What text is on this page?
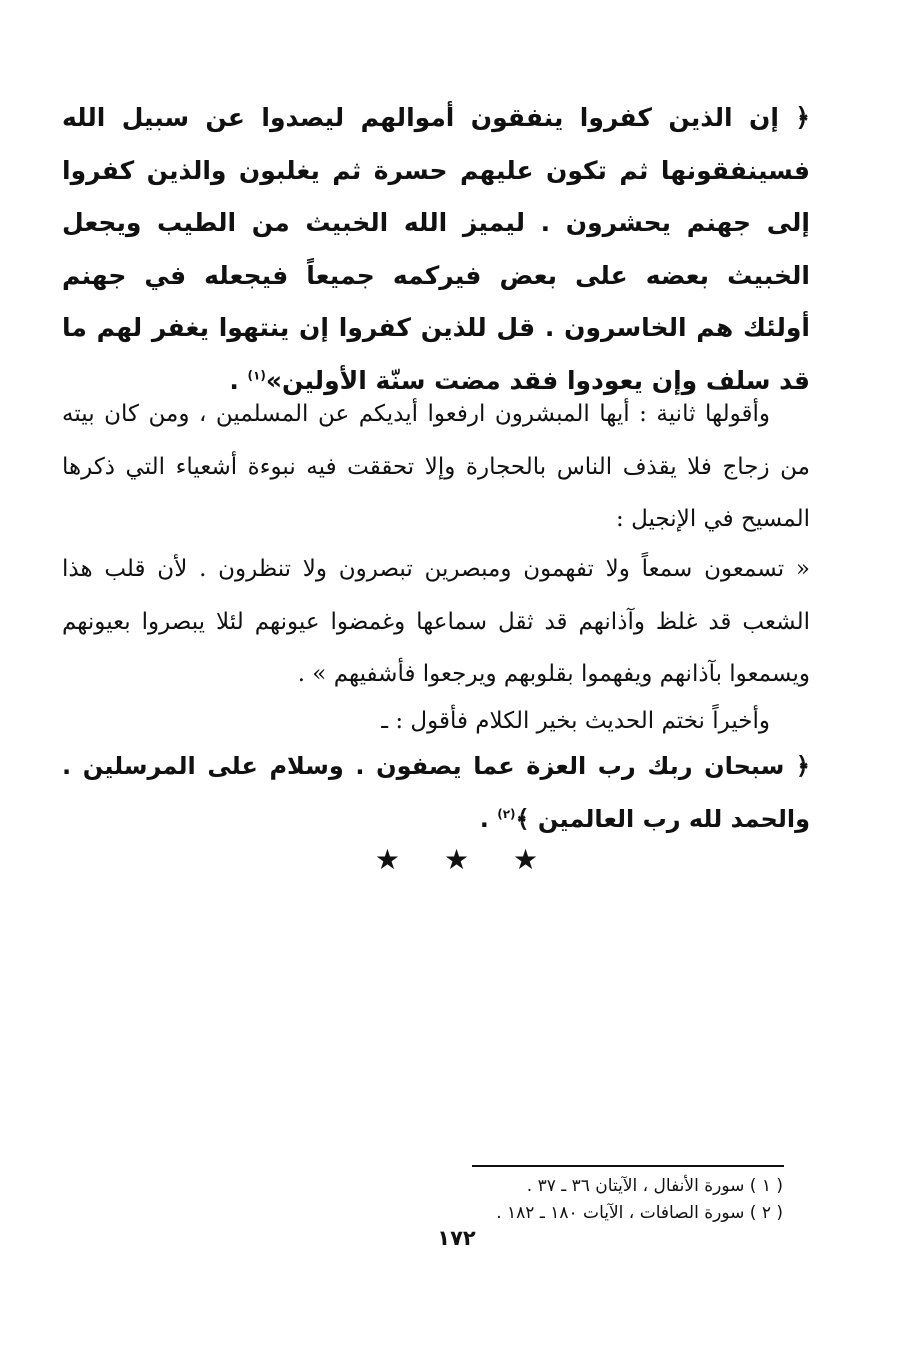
﴿ إن الذين كفروا ينفقون أموالهم ليصدوا عن سبيل الله فسينفقونها ثم تكون عليهم حسرة ثم يغلبون والذين كفروا إلى جهنم يحشرون . ليميز الله الخبيث من الطيب ويجعل الخبيث بعضه على بعض فيركمه جميعاً فيجعله في جهنم أولئك هم الخاسرون . قل للذين كفروا إن ينتهوا يغفر لهم ما قد سلف وإن يعودوا فقد مضت سنّة الأولين»$^{(١)}$ .
وأقولها ثانية : أيها المبشرون ارفعوا أيديكم عن المسلمين ، ومن كان بيته من زجاج فلا يقذف الناس بالحجارة وإلا تحققت فيه نبوءة أشعياء التي ذكرها المسيح في الإنجيل :
« تسمعون سمعاً ولا تفهمون ومبصرين تبصرون ولا تنظرون . لأن قلب هذا الشعب قد غلظ وآذانهم قد ثقل سماعها وغمضوا عيونهم لئلا يبصروا بعيونهم ويسمعوا بآذانهم ويفهموا بقلوبهم ويرجعوا فأشفيهم » .
وأخيراً نختم الحديث بخير الكلام فأقول : ـ
﴿ سبحان ربك رب العزة عما يصفون . وسلام على المرسلين . والحمد لله رب العالمين ﴾$^{(٢)}$ .
★ ★ ★
( ١ ) سورة الأنفال ، الآيتان ٣٦ ـ ٣٧ .
( ٢ ) سورة الصافات ، الآيات ١٨٠ ـ ١٨٢ .
١٧٢
